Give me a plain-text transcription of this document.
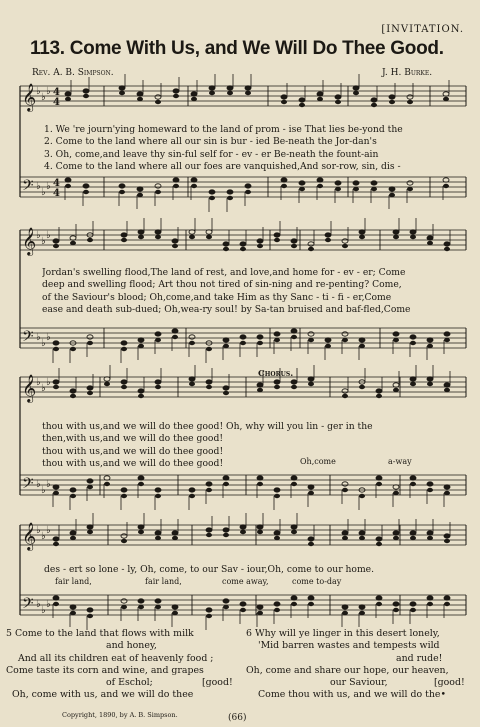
[INVITATION.
113. Come With Us, and We Will Do Thee Good.
Rev. A. B. Simpson.	J. H. Burke.
𝄞
𝄢
♭
♭
♭
♭
♭
♭
4
4
4
4
𝄞
𝄢
♭
♭
♭
♭
♭
♭
𝄞
𝄢
♭
♭
♭
♭
♭
♭
𝄞
𝄢
♭
♭
♭
♭
♭
♭
1. We 're journ'ying homeward to the land of prom - ise That lies be-yond the
2. Come to the land where all our sin is bur - ied Be-neath the Jor-dan's
3. Oh, come,and leave thy sin-ful self for - ev - er Be-neath the fount-ain
4. Come to the land where all our foes are vanquished,And sor-row, sin, dis -
Jordan's swelling flood,The land of rest, and love,and home for - ev - er; Come
deep and swelling flood; Art thou not tired of sin-ning and re-penting? Come,
of the Saviour's blood; Oh,come,and take Him as thy Sanc - ti - fi - er,Come
ease and death sub-dued; Oh,wea-ry soul! by Sa-tan bruised and baf-fled,Come
Chorus.
thou with us,and we will do thee good! Oh, why will you lin - ger in the
then,with us,and we will do thee good!
thou with us,and we will do thee good!
thou with us,and we will do thee good!	Oh,come	a-way
des - ert so lone - ly, Oh, come, to our Sav - iour,Oh, come to our home.
fair land,	fair land,	come away,	come to-day
5 Come to the land that flows with milk
and honey,
And all its children eat of heavenly food ;
Come taste its corn and wine, and grapes
of Eschol;	[good!
Oh, come with us, and we will do thee
6 Why will ye linger in this desert lonely,
'Mid barren wastes and tempests wild
and rude!
Oh, come and share our hope, our heaven,
our Saviour,	[good!
Come thou with us, and we will do the•
Copyright, 1890, by A. B. Simpson.	(66)
